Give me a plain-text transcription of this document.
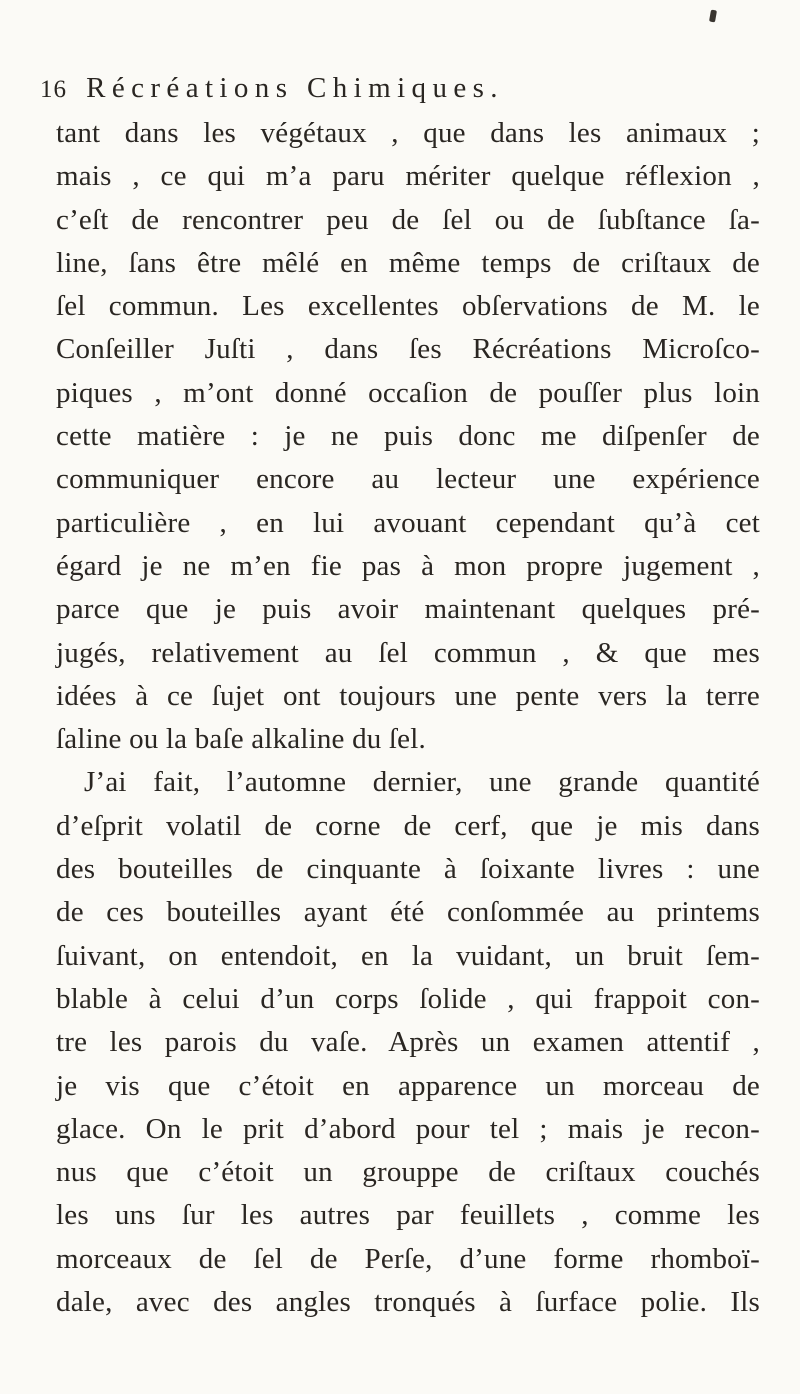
16 Récréations Chimiques.
tant dans les végétaux , que dans les animaux ;
mais , ce qui m’a paru mériter quelque réflexion ,
c’eſt de rencontrer peu de ſel ou de ſubſtance ſa-
line, ſans être mêlé en même temps de criſtaux de
ſel commun. Les excellentes obſervations de M. le
Conſeiller Juſti , dans ſes Récréations Microſco-
piques , m’ont donné occaſion de pouſſer plus loin
cette matière : je ne puis donc me diſpenſer de
communiquer encore au lecteur une expérience
particulière , en lui avouant cependant qu’à cet
égard je ne m’en fie pas à mon propre jugement ,
parce que je puis avoir maintenant quelques pré-
jugés, relativement au ſel commun , & que mes
idées à ce ſujet ont toujours une pente vers la terre
ſaline ou la baſe alkaline du ſel.
J’ai fait, l’automne dernier, une grande quantité
d’eſprit volatil de corne de cerf, que je mis dans
des bouteilles de cinquante à ſoixante livres : une
de ces bouteilles ayant été conſommée au printems
ſuivant, on entendoit, en la vuidant, un bruit ſem-
blable à celui d’un corps ſolide , qui frappoit con-
tre les parois du vaſe. Après un examen attentif ,
je vis que c’étoit en apparence un morceau de
glace. On le prit d’abord pour tel ; mais je recon-
nus que c’étoit un grouppe de criſtaux couchés
les uns ſur les autres par feuillets , comme les
morceaux de ſel de Perſe, d’une forme rhomboï-
dale, avec des angles tronqués à ſurface polie. Ils
